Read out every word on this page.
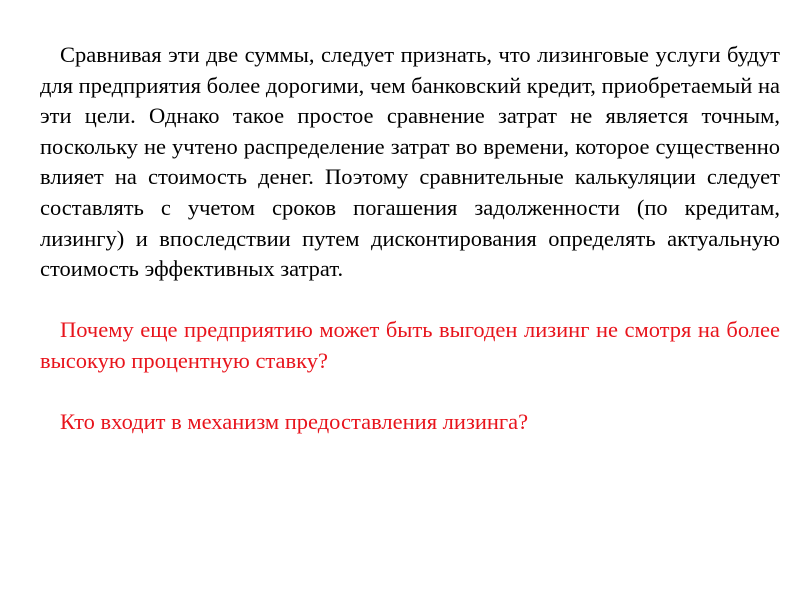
Сравнивая эти две суммы, следует признать, что лизинговые услуги будут для предприятия более дорогими, чем банковский кредит, приобретаемый на эти цели. Однако такое простое сравнение затрат не является точным, поскольку не учтено распределение затрат во времени, которое существенно влияет на стоимость денег. Поэтому сравнительные калькуляции следует составлять с учетом сроков погашения задолженности (по кредитам, лизингу) и впоследствии путем дисконтирования определять актуальную стоимость эффективных затрат.

Почему еще предприятию может быть выгоден лизинг не смотря на более высокую процентную ставку?

Кто входит в механизм предоставления лизинга?
